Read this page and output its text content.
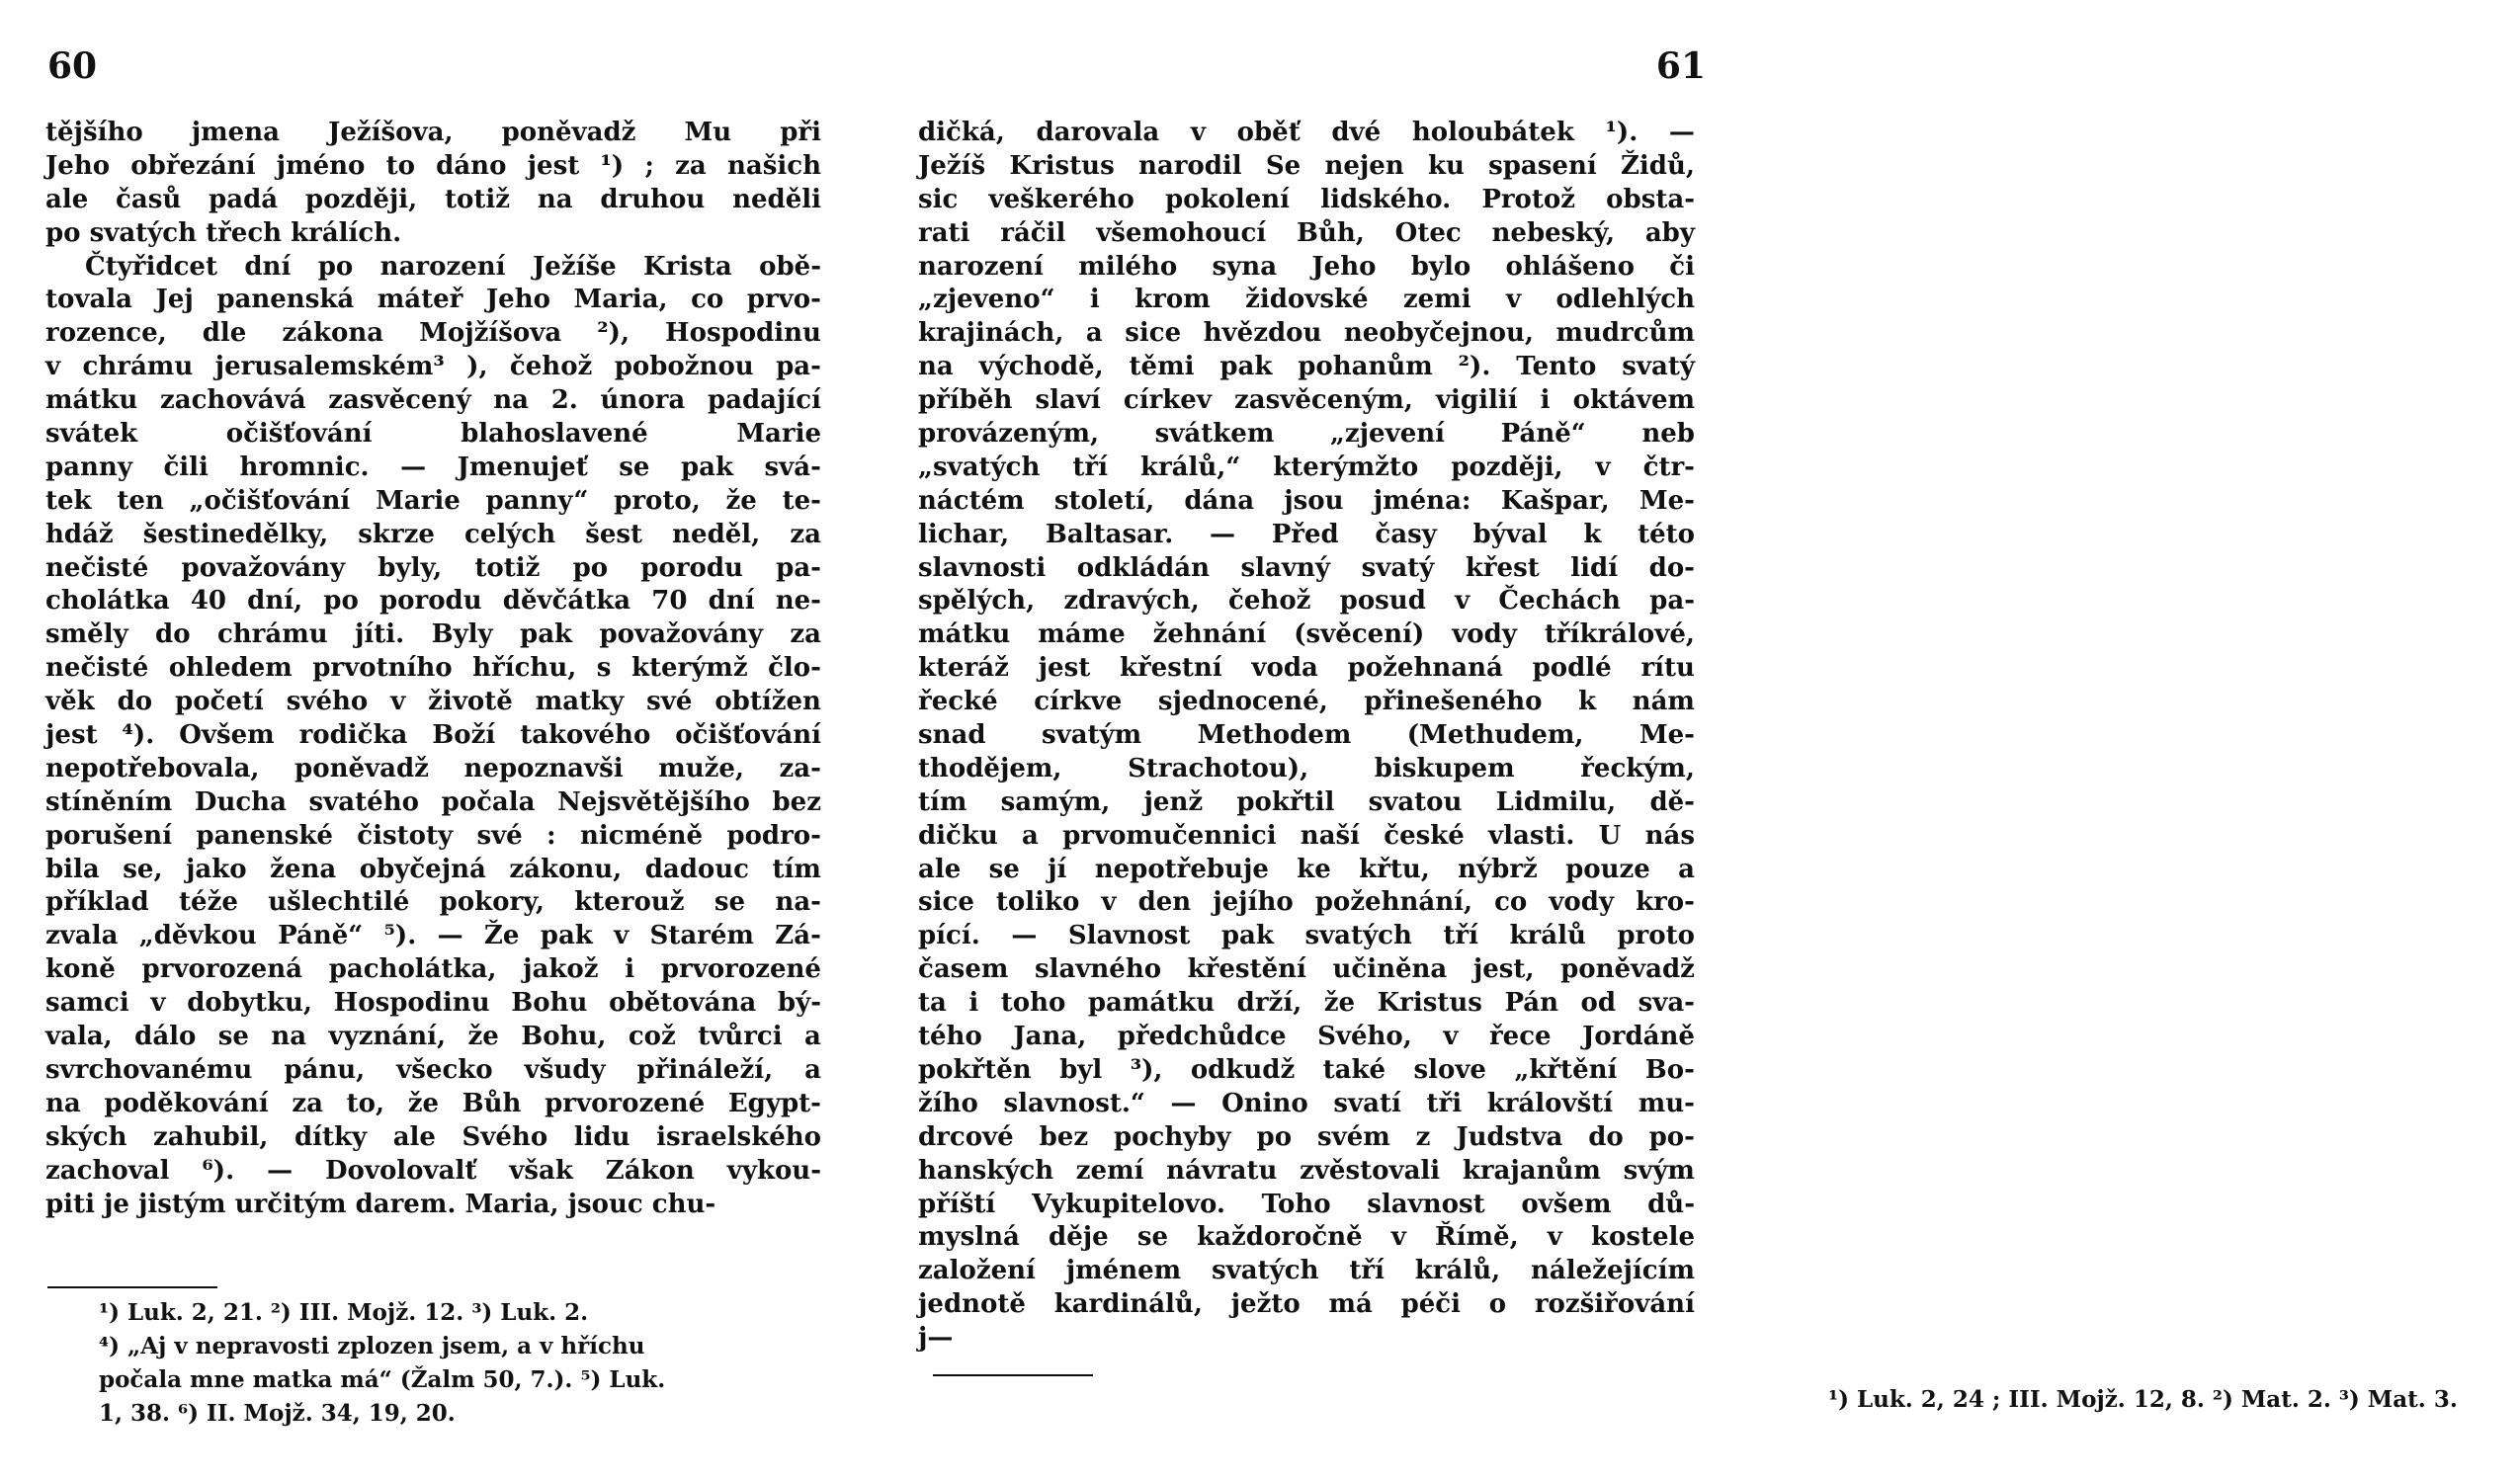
60
tějšího jmena Ježíšova, poněvadž Mu při
Jeho obřezání jméno to dáno jest ¹) ; za našich
ale časů padá později, totiž na druhou neděli
po svatých třech králích.
Čtyřidcet dní po narození Ježíše Krista obě-
tovala Jej panenská máteř Jeho Maria, co prvo-
rozence, dle zákona Mojžíšova ²), Hospodinu
v chrámu jerusalemském³ ), čehož pobožnou pa-
mátku zachovává zasvěcený na 2. února padající
svátek	očišťování	blahoslavené	Marie
panny čili hromnic. — Jmenujeť se pak svá-
tek ten „očišťování Marie panny“ proto, že te-
hdáž šestinedělky, skrze celých šest neděl, za
nečisté považovány byly, totiž po porodu pa-
cholátka 40 dní, po porodu děvčátka 70 dní ne-
směly do chrámu jíti. Byly pak považovány za
nečisté ohledem prvotního hříchu, s kterýmž člo-
věk do početí svého v životě matky své obtížen
jest ⁴). Ovšem rodička Boží takového očišťování
nepotřebovala, poněvadž nepoznavši muže, za-
stíněním Ducha svatého počala Nejsvětějšího bez
porušení panenské čistoty své : nicméně podro-
bila se, jako žena obyčejná zákonu, dadouc tím
příklad téže ušlechtilé pokory, kterouž se na-
zvala „děvkou Páně“ ⁵). — Že pak v Starém Zá-
koně prvorozená pacholátka, jakož i prvorozené
samci v dobytku, Hospodinu Bohu obětována bý-
vala, dálo se na vyznání, že Bohu, což tvůrci a
svrchovanému pánu, všecko všudy přináleží, a
na poděkování za to, že Bůh prvorozené Egypt-
ských zahubil, dítky ale Svého lidu israelského
zachoval ⁶). — Dovolovalť však Zákon vykou-
piti je jistým určitým darem. Maria, jsouc chu-
¹) Luk. 2, 21. ²) III. Mojž. 12. ³) Luk. 2.
⁴) „Aj v nepravosti zplozen jsem, a v hříchu
počala mne matka má“ (Žalm 50, 7.). ⁵) Luk.
1, 38. ⁶) II. Mojž. 34, 19, 20.
61
dičká, darovala v oběť dvé holoubátek ¹). —
Ježíš Kristus narodil Se nejen ku spasení Židů,
sic veškerého pokolení lidského. Protož obsta-
rati ráčil všemohoucí Bůh, Otec nebeský, aby
narození milého syna Jeho bylo ohlášeno či
„zjeveno“ i krom židovské zemi v odlehlých
krajinách, a sice hvězdou neobyčejnou, mudrcům
na východě, těmi pak pohanům ²). Tento svatý
příběh slaví církev zasvěceným, vigilií i oktávem
provázeným, svátkem „zjevení Páně“ neb
„svatých tří králů,“ kterýmžto později, v čtr-
náctém století, dána jsou jména: Kašpar, Me-
lichar, Baltasar. — Před časy býval k této
slavnosti odkládán slavný svatý křest lidí do-
spělých, zdravých, čehož posud v Čechách pa-
mátku máme žehnání (svěcení) vody tříkrálové,
kteráž jest křestní voda požehnaná podlé rítu
řecké církve sjednocené, přinešeného k nám
snad svatým Methodem (Methudem, Me-
thodějem,	Strachotou),	biskupem	řeckým,
tím samým, jenž pokřtil svatou Lidmilu, dě-
dičku a prvomučennici naší české vlasti. U nás
ale se jí nepotřebuje ke křtu, nýbrž pouze a
sice toliko v den jejího požehnání, co vody kro-
pící. — Slavnost pak svatých tří králů proto
časem slavného křestění učiněna jest, poněvadž
ta i toho památku drží, že Kristus Pán od sva-
tého Jana, předchůdce Svého, v řece Jordáně
pokřtěn byl ³), odkudž také slove „křtění Bo-
žího slavnost.“ — Onino svatí tři královští mu-
drcové bez pochyby po svém z Judstva do po-
hanských zemí návratu zvěstovali krajanům svým
příští Vykupitelovo. Toho slavnost ovšem dů-
myslná děje se každoročně v Římě, v kostele
založení jménem svatých tří králů, náležejícím
jednotě kardinálů, ježto má péči o rozšiřování
j—
¹) Luk. 2, 24 ; III. Mojž. 12, 8. ²) Mat. 2. ³) Mat. 3.
